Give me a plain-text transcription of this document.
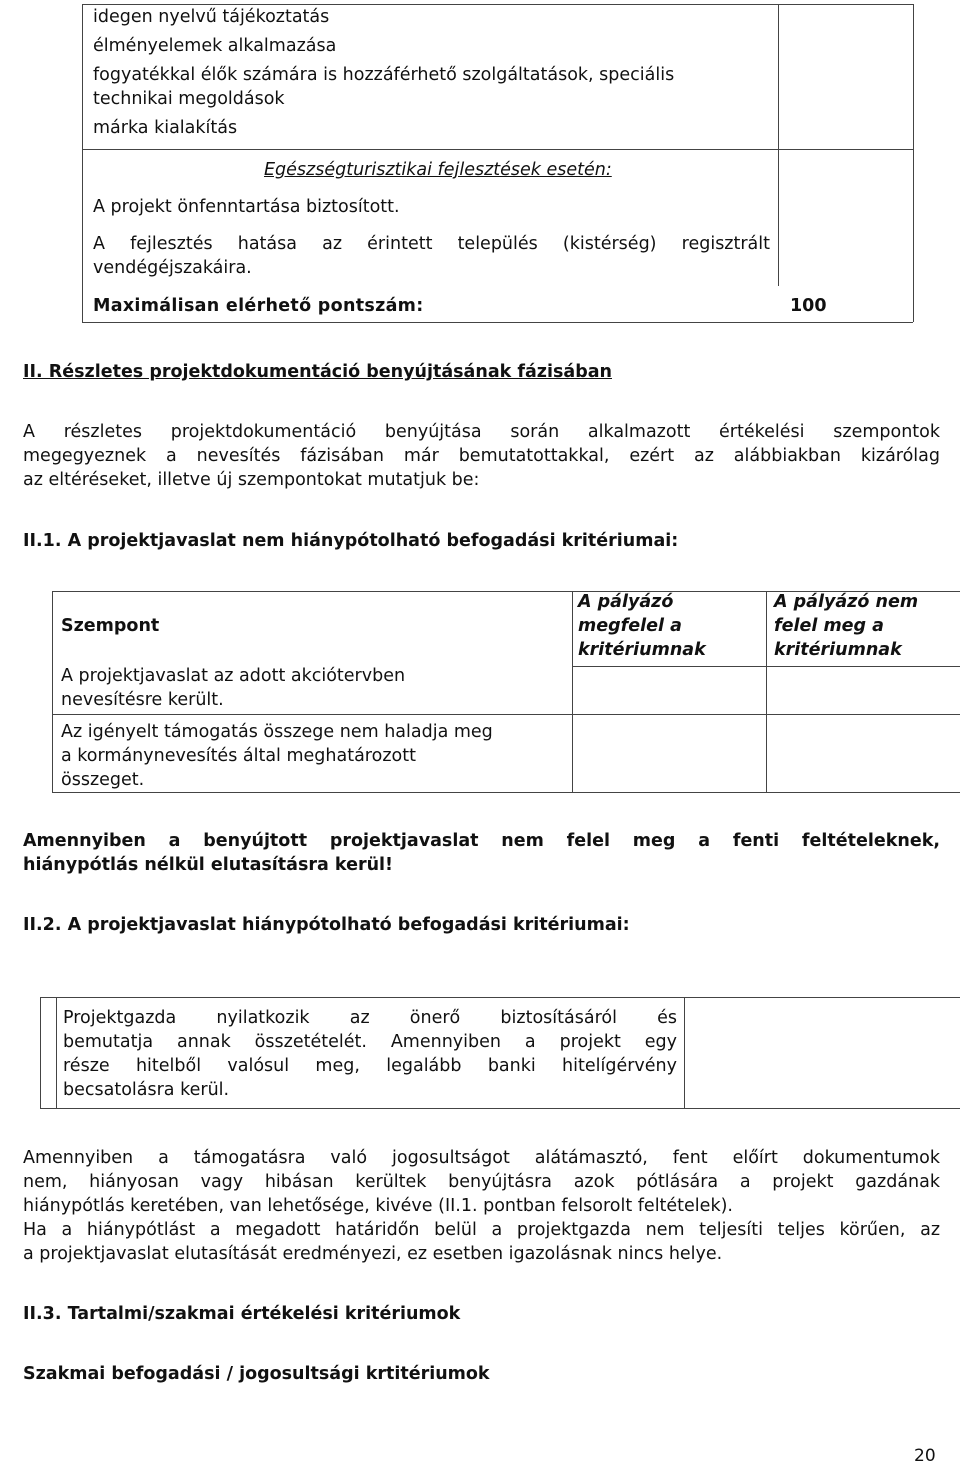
idegen nyelvű tájékoztatás
élményelemek alkalmazása
fogyatékkal élők számára is hozzáférhető szolgáltatások, speciális
technikai megoldások
márka kialakítás
Egészségturisztikai fejlesztések esetén:
A projekt önfenntartása biztosított.
A fejlesztés hatása az érintett település (kistérség) regisztrált
vendégéjszakáira.
Maximálisan elérhető pontszám:	100
II. Részletes projektdokumentáció benyújtásának fázisában
A részletes projektdokumentáció benyújtása során alkalmazott értékelési szempontok
megegyeznek a nevesítés fázisában már bemutatottakkal, ezért az alábbiakban kizárólag
az eltéréseket, illetve új szempontokat mutatjuk be:
II.1. A projektjavaslat nem hiánypótolható befogadási kritériumai:
Szempont
A projektjavaslat az adott akciótervben
nevesítésre került.
Az igényelt támogatás összege nem haladja meg
a kormánynevesítés által meghatározott
összeget.
A pályázó
megfelel a
kritériumnak
A pályázó nem
felel meg a
kritériumnak
Amennyiben a benyújtott projektjavaslat nem felel meg a fenti feltételeknek,
hiánypótlás nélkül elutasításra kerül!
II.2. A projektjavaslat hiánypótolható befogadási kritériumai:
Projektgazda nyilatkozik az önerő biztosításáról és
bemutatja annak összetételét. Amennyiben a projekt egy
része hitelből valósul meg, legalább banki hitelígérvény
becsatolásra kerül.
Amennyiben a támogatásra való jogosultságot alátámasztó, fent előírt dokumentumok
nem, hiányosan vagy hibásan kerültek benyújtásra azok pótlására a projekt gazdának
hiánypótlás keretében, van lehetősége, kivéve (II.1. pontban felsorolt feltételek).
Ha a hiánypótlást a megadott határidőn belül a projektgazda nem teljesíti teljes körűen, az
a projektjavaslat elutasítását eredményezi, ez esetben igazolásnak nincs helye.
II.3. Tartalmi/szakmai értékelési kritériumok
Szakmai befogadási / jogosultsági krtitériumok
20
